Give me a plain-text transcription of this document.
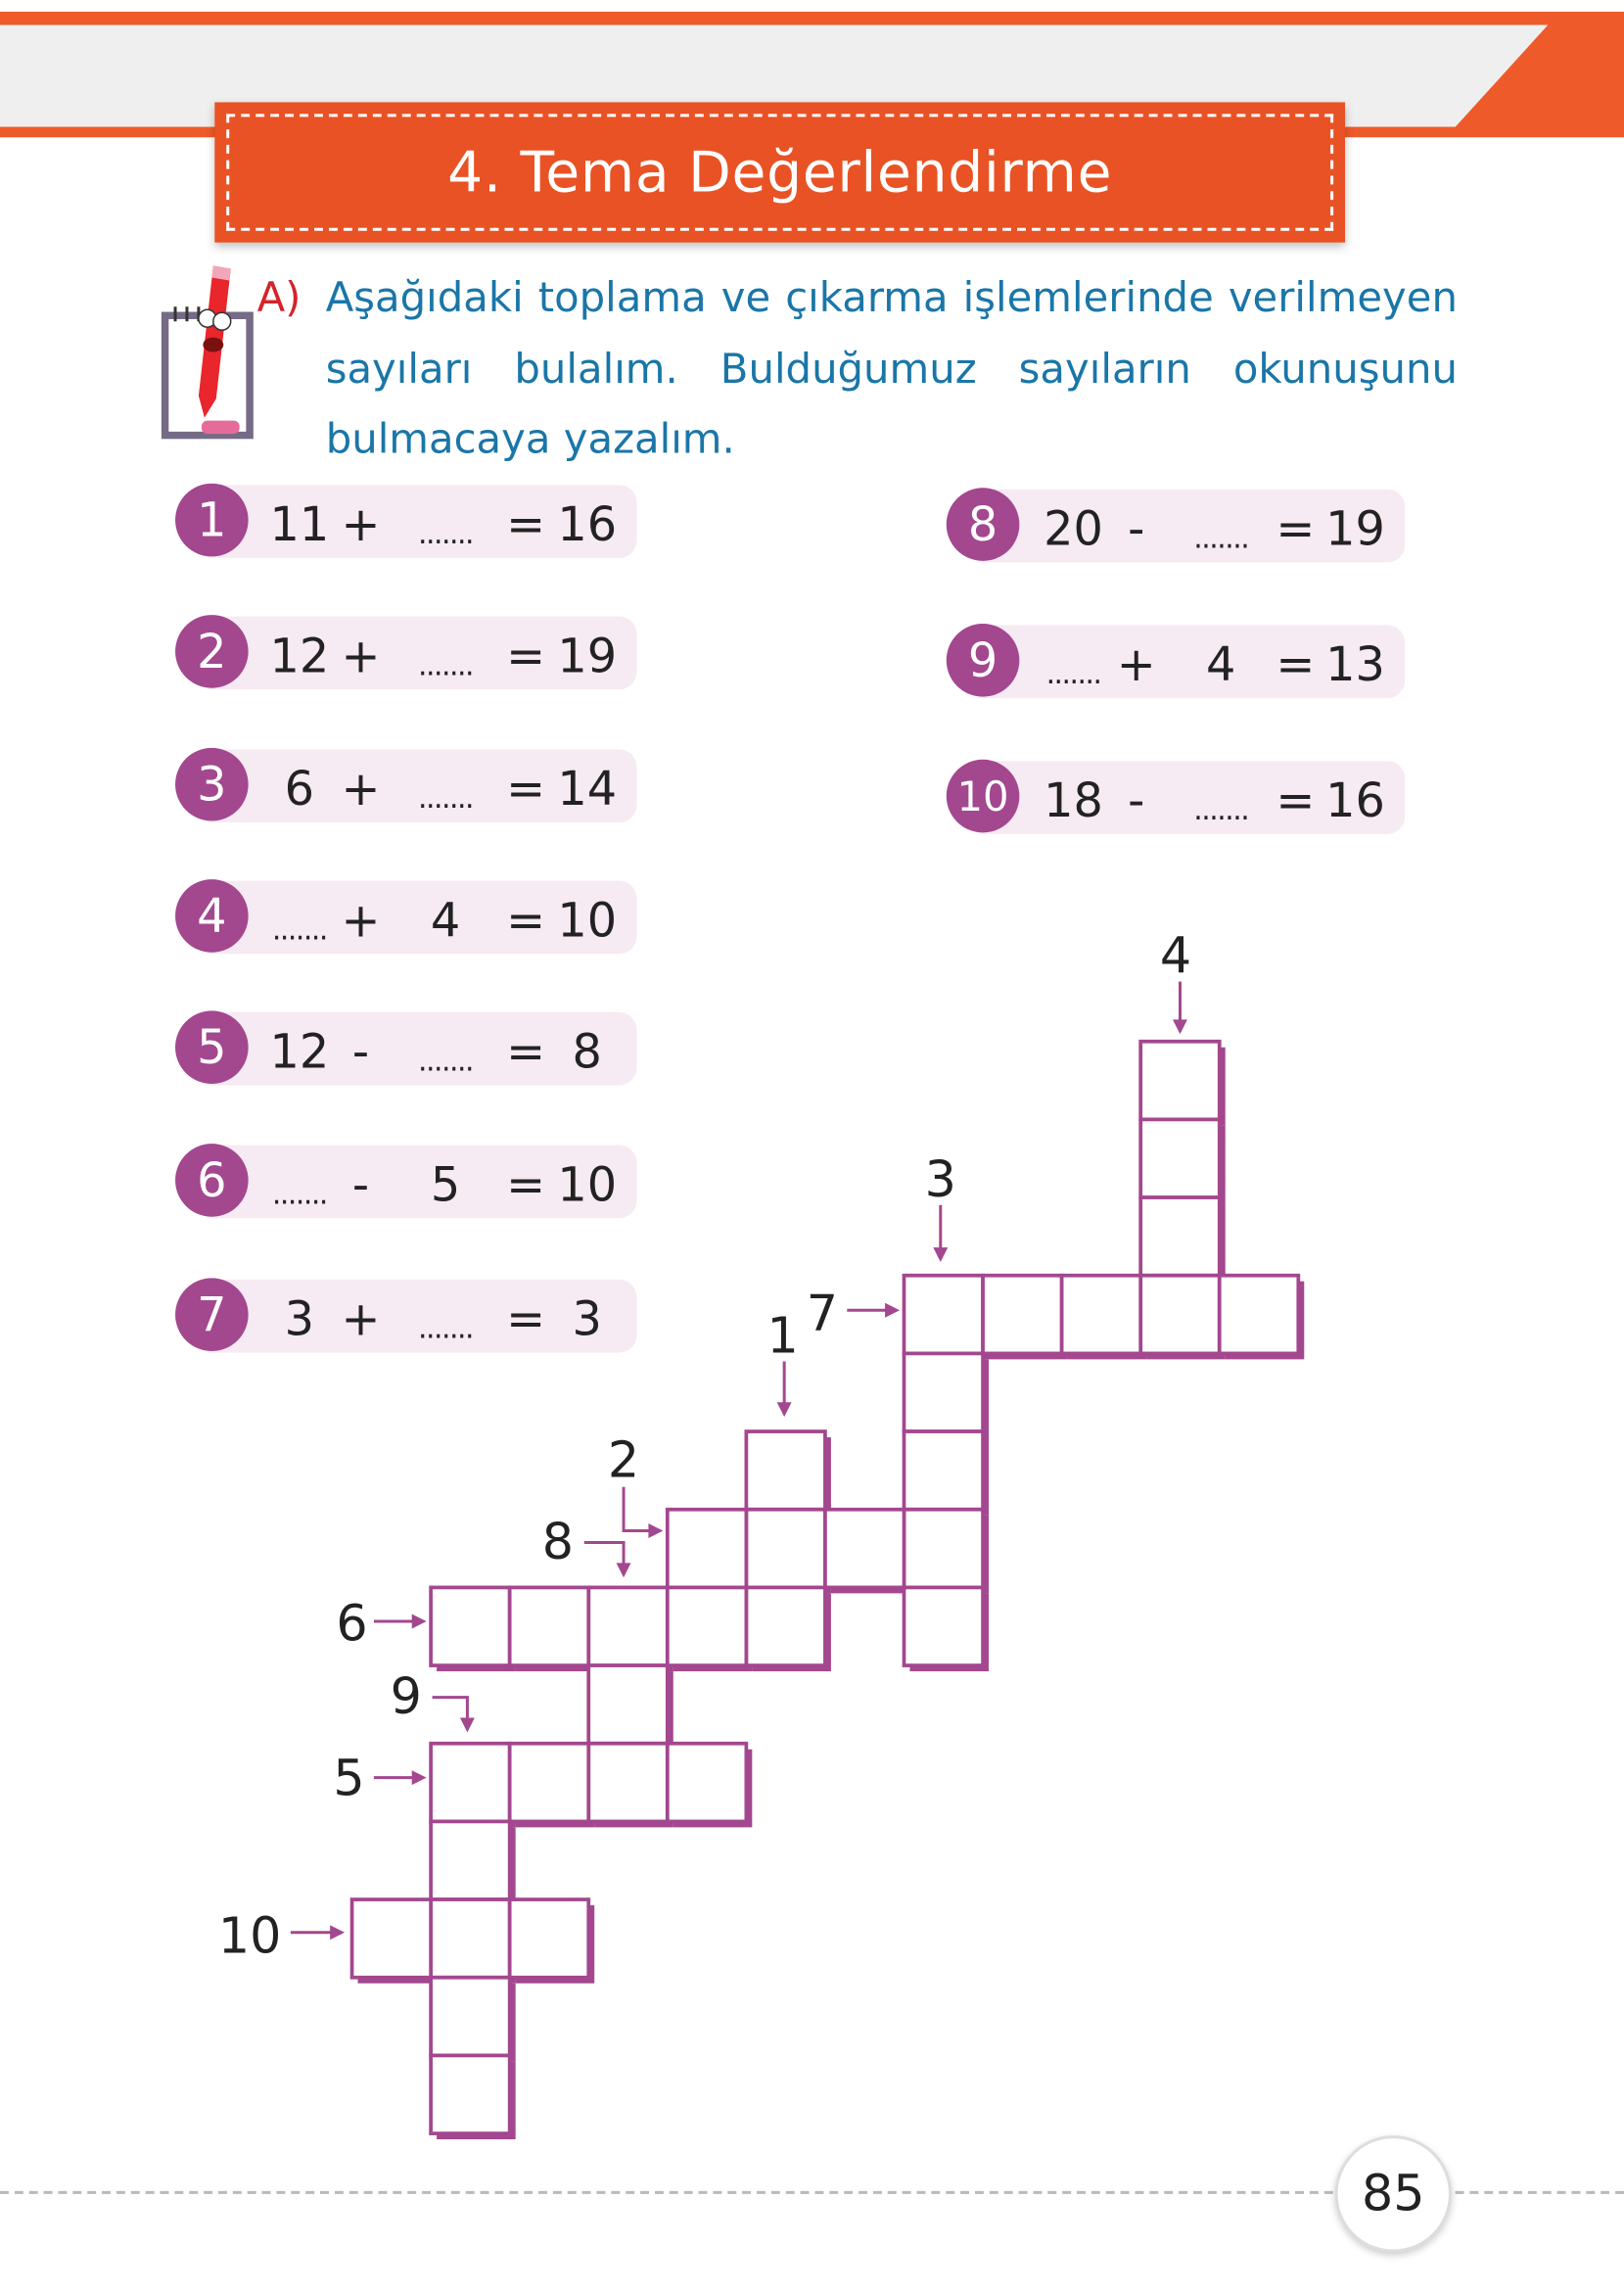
4. Tema Değerlendirme
A) Aşağıdaki toplama ve çıkarma işlemlerinde verilmeyen sayıları bulalım. Bulduğumuz sayıların okunuşunu bulmacaya yazalım.
1	11 + ....... = 16
2	12 + ....... = 19
3	6 + ....... = 14
4	....... + 4 = 10
5	12 - ....... = 8
6	....... - 5 = 10
7	3 + ....... = 3
8	20 - ....... = 19
9	....... + 4 = 13
10	18 - ....... = 16
4
3
1 7
2
8
6
9
5
10
85
